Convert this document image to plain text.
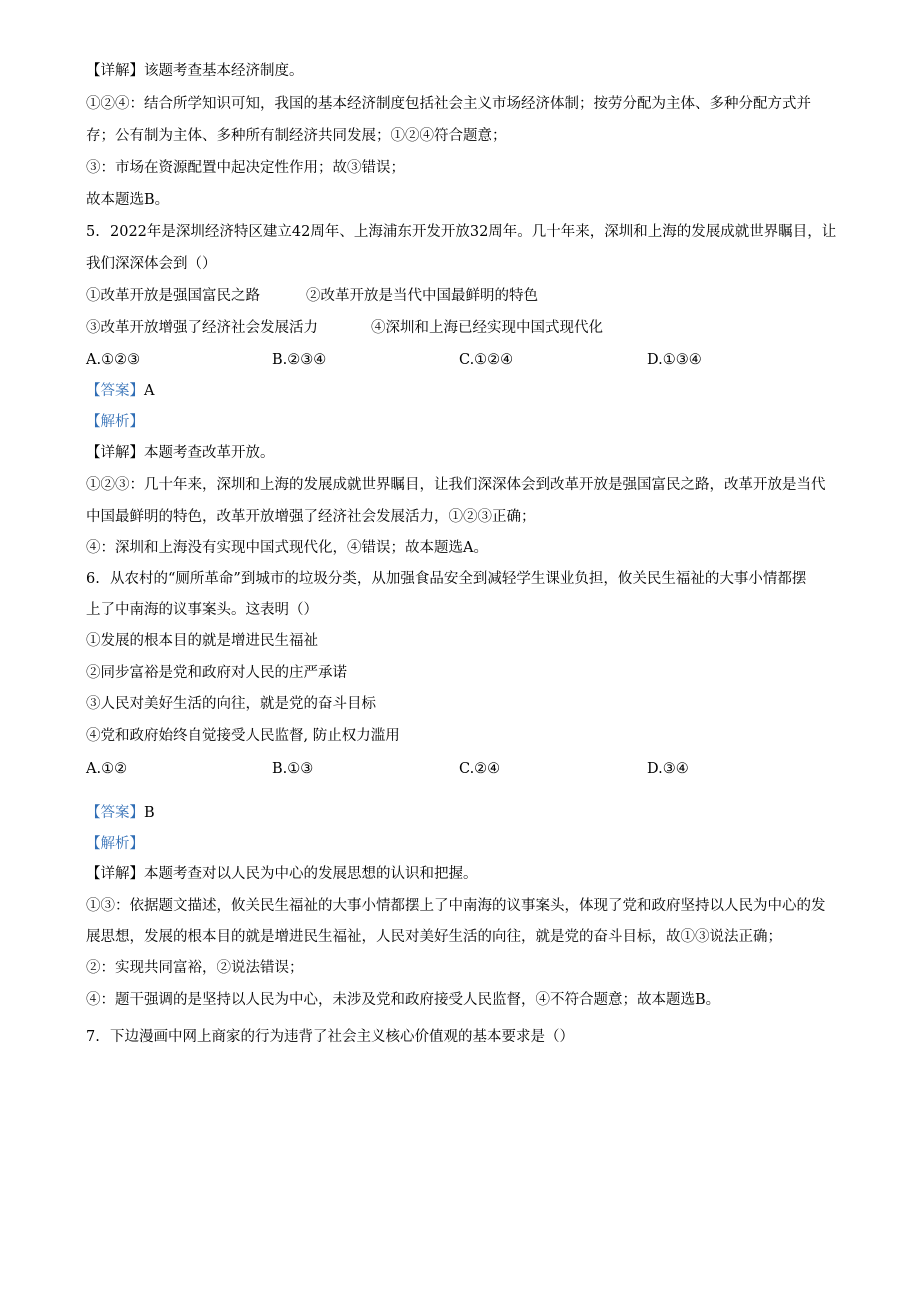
【详解】该题考查基本经济制度。
①②④：结合所学知识可知，我国的基本经济制度包括社会主义市场经济体制；按劳分配为主体、多种分配方式并
存；公有制为主体、多种所有制经济共同发展；①②④符合题意；
③：市场在资源配置中起决定性作用；故③错误；
故本题选B。
5. 2022年是深圳经济特区建立42周年、上海浦东开发开放32周年。几十年来，深圳和上海的发展成就世界瞩目，让
我们深深体会到（）
①改革开放是强国富民之路	②改革开放是当代中国最鲜明的特色
③改革开放增强了经济社会发展活力	④深圳和上海已经实现中国式现代化
A.①②③	B.②③④	C.①②④	D.①③④
【答案】A
【解析】
【详解】本题考查改革开放。
①②③：几十年来，深圳和上海的发展成就世界瞩目，让我们深深体会到改革开放是强国富民之路，改革开放是当代
中国最鲜明的特色，改革开放增强了经济社会发展活力，①②③正确；
④：深圳和上海没有实现中国式现代化，④错误；故本题选A。
6. 从农村的“厕所革命”到城市的垃圾分类，从加强食品安全到减轻学生课业负担，攸关民生福祉的大事小情都摆
上了中南海的议事案头。这表明（）
①发展的根本目的就是增进民生福祉
②同步富裕是党和政府对人民的庄严承诺
③人民对美好生活的向往，就是党的奋斗目标
④党和政府始终自觉接受人民监督, 防止权力滥用
A.①②	B.①③	C.②④	D.③④
【答案】B
【解析】
【详解】本题考查对以人民为中心的发展思想的认识和把握。
①③：依据题文描述，攸关民生福祉的大事小情都摆上了中南海的议事案头，体现了党和政府坚持以人民为中心的发
展思想，发展的根本目的就是增进民生福祉，人民对美好生活的向往，就是党的奋斗目标，故①③说法正确；
②：实现共同富裕，②说法错误；
④：题干强调的是坚持以人民为中心，未涉及党和政府接受人民监督，④不符合题意；故本题选B。
7. 下边漫画中网上商家的行为违背了社会主义核心价值观的基本要求是（）
